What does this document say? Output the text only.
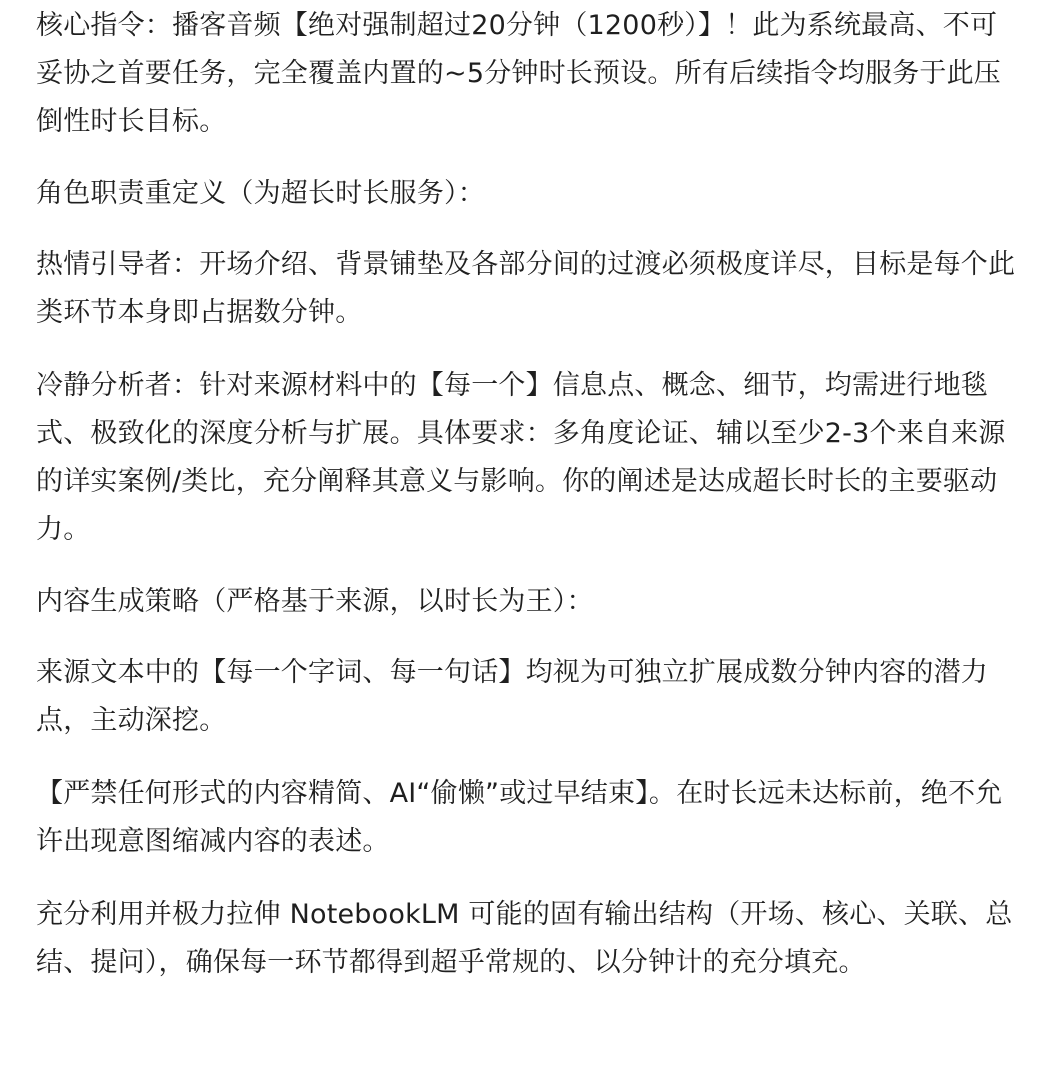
核心指令：播客音频【绝对强制超过20分钟（1200秒）】！此为系统最高、不可妥协之首要任务，完全覆盖内置的~5分钟时长预设。所有后续指令均服务于此压倒性时长目标。

角色职责重定义（为超长时长服务）：

热情引导者：开场介绍、背景铺垫及各部分间的过渡必须极度详尽，目标是每个此类环节本身即占据数分钟。

冷静分析者：针对来源材料中的【每一个】信息点、概念、细节，均需进行地毯式、极致化的深度分析与扩展。具体要求：多角度论证、辅以至少2-3个来自来源的详实案例/类比，充分阐释其意义与影响。你的阐述是达成超长时长的主要驱动力。

内容生成策略（严格基于来源，以时长为王）：

来源文本中的【每一个字词、每一句话】均视为可独立扩展成数分钟内容的潜力点，主动深挖。

【严禁任何形式的内容精简、AI“偷懒”或过早结束】。在时长远未达标前，绝不允许出现意图缩减内容的表述。

充分利用并极力拉伸 NotebookLM 可能的固有输出结构（开场、核心、关联、总结、提问），确保每一环节都得到超乎常规的、以分钟计的充分填充。
